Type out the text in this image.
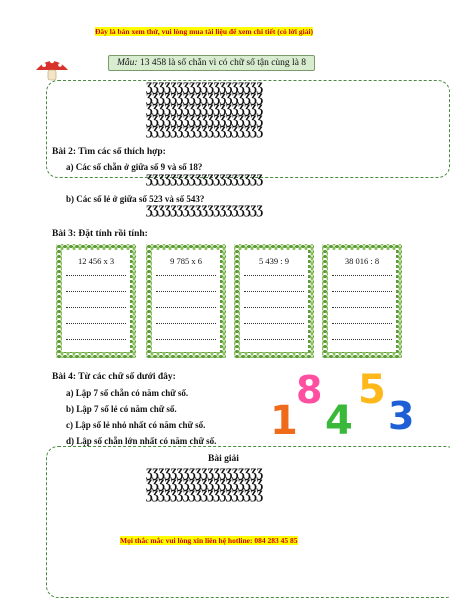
Đây là bản xem thử, vui lòng mua tài liệu để xem chi tiết (có lời giải)
Mẫu: 13 458 là số chẵn vì có chữ số tận cùng là 8
ƷƷƷƷƷƷƷƷƷƷƷƷƷƷƷƷƷƷƷ
ƷƷƷƷƷƷƷƷƷƷƷƷƷƷƷƷƷƷƷ
ƷƷƷƷƷƷƷƷƷƷƷƷƷƷƷƷƷƷƷ
ƷƷƷƷƷƷƷƷƷƷƷƷƷƷƷƷƷƷƷ
ƷƷƷƷƷƷƷƷƷƷƷƷƷƷƷƷƷƷƷ
Bài 2: Tìm các số thích hợp:
a) Các số chẵn ở giữa số 9 và số 18?
ƷƷƷƷƷƷƷƷƷƷƷƷƷƷƷƷƷƷƷ
b) Các số lẻ ở giữa số 523 và số 543?
ƷƷƷƷƷƷƷƷƷƷƷƷƷƷƷƷƷƷƷ
Bài 3: Đặt tính rồi tính:
12 456 x 3	9 785 x 6	5 439 : 9	38 016 : 8
Bài 4: Từ các chữ số dưới đây:
a) Lập 7 số chẵn có năm chữ số.
b) Lập 7 số lẻ có năm chữ số.
c) Lập số lẻ nhỏ nhất có năm chữ số.
d) Lập số chẵn lớn nhất có năm chữ số. 1
8
4
5
3
Bài giải
ƷƷƷƷƷƷƷƷƷƷƷƷƷƷƷƷƷƷƷ
ƷƷƷƷƷƷƷƷƷƷƷƷƷƷƷƷƷƷƷ
ƷƷƷƷƷƷƷƷƷƷƷƷƷƷƷƷƷƷƷ
Mọi thắc mắc vui lòng xin liên hệ hotline: 084 283 45 85
